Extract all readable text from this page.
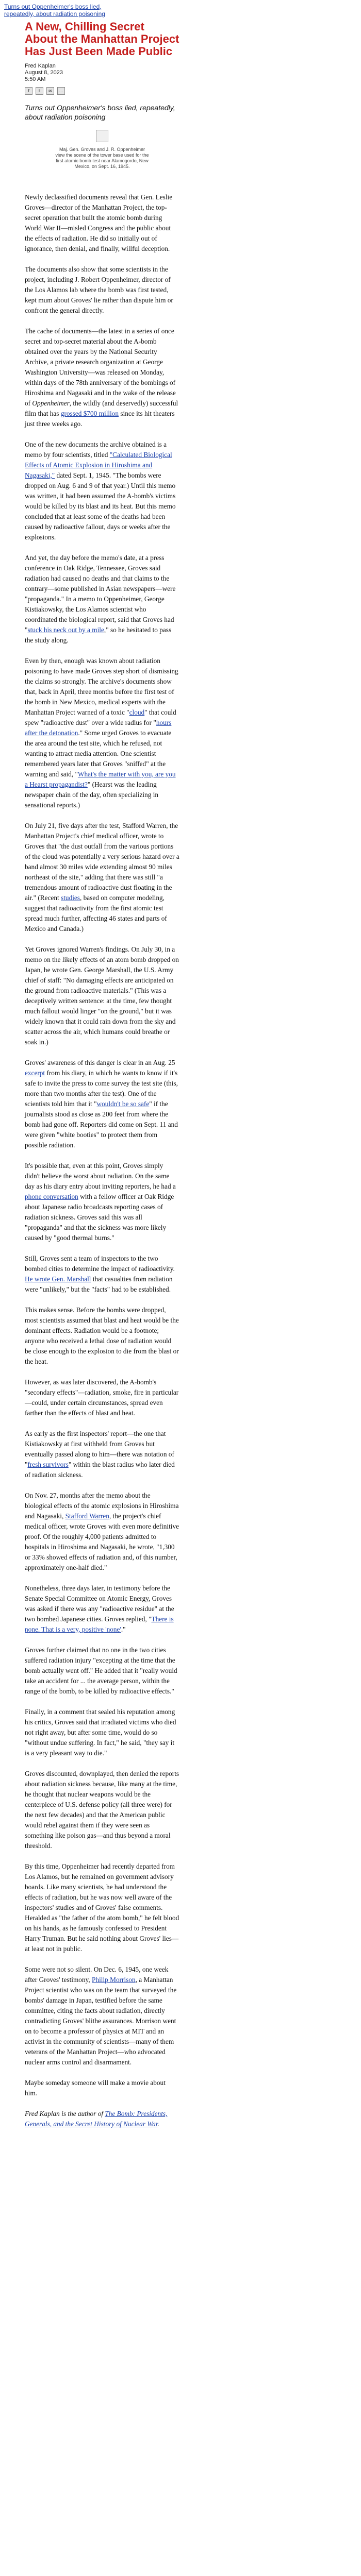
Turns out Oppenheimer's boss lied, repeatedly, about radiation poisoning
A New, Chilling Secret About the Manhattan Project Has Just Been Made Public
Fred Kaplan
August 8, 2023
5:50 AM
f	t	✉	…
Turns out Oppenheimer's boss lied, repeatedly, about radiation poisoning
Maj. Gen. Groves and J. R. Oppenheimer view the scene of the tower base used for the first atomic bomb test near Alamogordo, New Mexico, on Sept. 16, 1945.

Newly declassified documents reveal that Gen. Leslie Groves—director of the Manhattan Project, the top-secret operation that built the atomic bomb during World War II—misled Congress and the public about the effects of radiation. He did so initially out of ignorance, then denial, and finally, willful deception.

The documents also show that some scientists in the project, including J. Robert Oppenheimer, director of the Los Alamos lab where the bomb was first tested, kept mum about Groves' lie rather than dispute him or confront the general directly.

The cache of documents—the latest in a series of once secret and top-secret material about the A-bomb obtained over the years by the National Security Archive, a private research organization at George Washington University—was released on Monday, within days of the 78th anniversary of the bombings of Hiroshima and Nagasaki and in the wake of the release of Oppenheimer, the wildly (and deservedly) successful film that has grossed $700 million since its hit theaters just three weeks ago.

One of the new documents the archive obtained is a memo by four scientists, titled "Calculated Biological Effects of Atomic Explosion in Hiroshima and Nagasaki," dated Sept. 1, 1945. "The bombs were dropped on Aug. 6 and 9 of that year.) Until this memo was written, it had been assumed the A-bomb's victims would be killed by its blast and its heat. But this memo concluded that at least some of the deaths had been caused by radioactive fallout, days or weeks after the explosions.

And yet, the day before the memo's date, at a press conference in Oak Ridge, Tennessee, Groves said radiation had caused no deaths and that claims to the contrary—some published in Asian newspapers—were "propaganda." In a memo to Oppenheimer, George Kistiakowsky, the Los Alamos scientist who coordinated the biological report, said that Groves had "stuck his neck out by a mile," so he hesitated to pass the study along.

Even by then, enough was known about radiation poisoning to have made Groves step short of dismissing the claims so strongly. The archive's documents show that, back in April, three months before the first test of the bomb in New Mexico, medical experts with the Manhattan Project warned of a toxic "cloud" that could spew "radioactive dust" over a wide radius for "hours after the detonation." Some urged Groves to evacuate the area around the test site, which he refused, not wanting to attract media attention. One scientist remembered years later that Groves "sniffed" at the warning and said, "What's the matter with you, are you a Hearst propagandist?" (Hearst was the leading newspaper chain of the day, often specializing in sensational reports.)

On July 21, five days after the test, Stafford Warren, the Manhattan Project's chief medical officer, wrote to Groves that "the dust outfall from the various portions of the cloud was potentially a very serious hazard over a band almost 30 miles wide extending almost 90 miles northeast of the site," adding that there was still "a tremendous amount of radioactive dust floating in the air." (Recent studies, based on computer modeling, suggest that radioactivity from the first atomic test spread much further, affecting 46 states and parts of Mexico and Canada.)

Yet Groves ignored Warren's findings. On July 30, in a memo on the likely effects of an atom bomb dropped on Japan, he wrote Gen. George Marshall, the U.S. Army chief of staff: "No damaging effects are anticipated on the ground from radioactive materials." (This was a deceptively written sentence: at the time, few thought much fallout would linger "on the ground," but it was widely known that it could rain down from the sky and scatter across the air, which humans could breathe or soak in.)

Groves' awareness of this danger is clear in an Aug. 25 excerpt from his diary, in which he wants to know if it's safe to invite the press to come survey the test site (this, more than two months after the test). One of the scientists told him that it "wouldn't be so safe" if the journalists stood as close as 200 feet from where the bomb had gone off. Reporters did come on Sept. 11 and were given "white booties" to protect them from possible radiation.

It's possible that, even at this point, Groves simply didn't believe the worst about radiation. On the same day as his diary entry about inviting reporters, he had a phone conversation with a fellow officer at Oak Ridge about Japanese radio broadcasts reporting cases of radiation sickness. Groves said this was all "propaganda" and that the sickness was more likely caused by "good thermal burns."

Still, Groves sent a team of inspectors to the two bombed cities to determine the impact of radioactivity. He wrote Gen. Marshall that casualties from radiation were "unlikely," but the "facts" had to be established.

This makes sense. Before the bombs were dropped, most scientists assumed that blast and heat would be the dominant effects. Radiation would be a footnote; anyone who received a lethal dose of radiation would be close enough to the explosion to die from the blast or the heat.

However, as was later discovered, the A-bomb's "secondary effects"—radiation, smoke, fire in particular—could, under certain circumstances, spread even farther than the effects of blast and heat.

As early as the first inspectors' report—the one that Kistiakowsky at first withheld from Groves but eventually passed along to him—there was notation of "fresh survivors" within the blast radius who later died of radiation sickness.

On Nov. 27, months after the memo about the biological effects of the atomic explosions in Hiroshima and Nagasaki, Stafford Warren, the project's chief medical officer, wrote Groves with even more definitive proof. Of the roughly 4,000 patients admitted to hospitals in Hiroshima and Nagasaki, he wrote, "1,300 or 33% showed effects of radiation and, of this number, approximately one-half died."

Nonetheless, three days later, in testimony before the Senate Special Committee on Atomic Energy, Groves was asked if there was any "radioactive residue" at the two bombed Japanese cities. Groves replied, "There is none. That is a very, positive 'none'."

Groves further claimed that no one in the two cities suffered radiation injury "excepting at the time that the bomb actually went off." He added that it "really would take an accident for ... the average person, within the range of the bomb, to be killed by radioactive effects."

Finally, in a comment that sealed his reputation among his critics, Groves said that irradiated victims who died not right away, but after some time, would do so "without undue suffering. In fact," he said, "they say it is a very pleasant way to die."

Groves discounted, downplayed, then denied the reports about radiation sickness because, like many at the time, he thought that nuclear weapons would be the centerpiece of U.S. defense policy (all three were) for the next few decades) and that the American public would rebel against them if they were seen as something like poison gas—and thus beyond a moral threshold.

By this time, Oppenheimer had recently departed from Los Alamos, but he remained on government advisory boards. Like many scientists, he had understood the effects of radiation, but he was now well aware of the inspectors' studies and of Groves' false comments. Heralded as "the father of the atom bomb," he felt blood on his hands, as he famously confessed to President Harry Truman. But he said nothing about Groves' lies—at least not in public.

Some were not so silent. On Dec. 6, 1945, one week after Groves' testimony, Philip Morrison, a Manhattan Project scientist who was on the team that surveyed the bombs' damage in Japan, testified before the same committee, citing the facts about radiation, directly contradicting Groves' blithe assurances. Morrison went on to become a professor of physics at MIT and an activist in the community of scientists—many of them veterans of the Manhattan Project—who advocated nuclear arms control and disarmament.

Maybe someday someone will make a movie about him.

Fred Kaplan is the author of The Bomb: Presidents, Generals, and the Secret History of Nuclear War.
